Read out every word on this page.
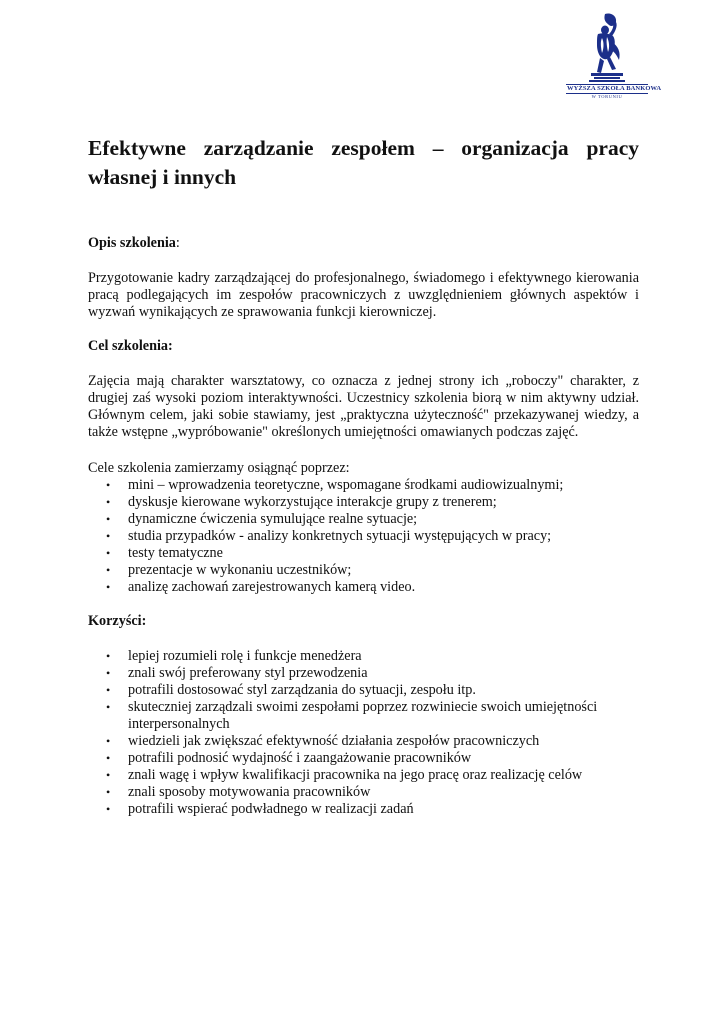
WYŻSZA SZKOŁA BANKOWA
W TORUNIU
Efektywne zarządzanie zespołem – organizacja pracy
własnej i innych
Opis szkolenia:

Przygotowanie kadry zarządzającej do profesjonalnego, świadomego i efektywnego kierowania pracą podlegających im zespołów pracowniczych z uwzględnieniem głównych aspektów i wyzwań wynikających ze sprawowania funkcji kierowniczej.

Cel szkolenia:

Zajęcia mają charakter warsztatowy, co oznacza z jednej strony ich „roboczy" charakter, z drugiej zaś wysoki poziom interaktywności. Uczestnicy szkolenia biorą w nim aktywny udział. Głównym celem, jaki sobie stawiamy, jest „praktyczna użyteczność" przekazywanej wiedzy, a także wstępne „wypróbowanie" określonych umiejętności omawianych podczas zajęć.

Cele szkolenia zamierzamy osiągnąć poprzez:

• mini – wprowadzenia teoretyczne, wspomagane środkami audiowizualnymi;
• dyskusje kierowane wykorzystujące interakcje grupy z trenerem;
• dynamiczne ćwiczenia symulujące realne sytuacje;
• studia przypadków - analizy konkretnych sytuacji występujących w pracy;
• testy tematyczne
• prezentacje w wykonaniu uczestników;
• analizę zachowań zarejestrowanych kamerą video.
Korzyści:
• lepiej rozumieli rolę i funkcje menedżera
• znali swój preferowany styl przewodzenia
• potrafili dostosować styl zarządzania do sytuacji, zespołu itp.
• skuteczniej zarządzali swoimi zespołami poprzez rozwiniecie swoich umiejętności interpersonalnych
• wiedzieli jak zwiększać efektywność działania zespołów pracowniczych
• potrafili podnosić wydajność i zaangażowanie pracowników
• znali wagę i wpływ kwalifikacji pracownika na jego pracę oraz realizację celów
• znali sposoby motywowania pracowników
• potrafili wspierać podwładnego w realizacji zadań
